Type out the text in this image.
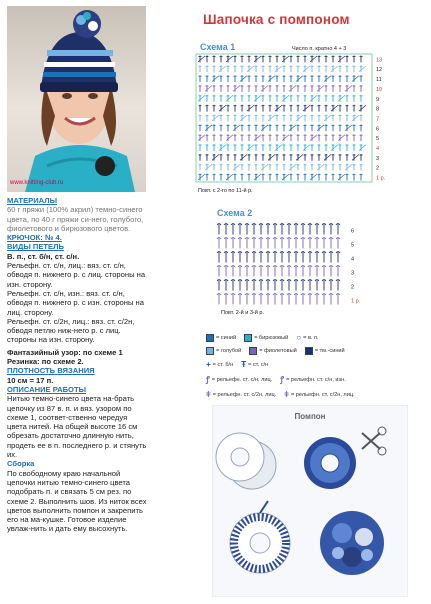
www.knitting-club.ru

МАТЕРИАЛЫ

60 г пряжи (100% акрил) темно-синего цвета, по 40 г пряжи си-него, голубого, фиолетового и бирюзового цветов.

КРЮЧОК: № 4.

ВИДЫ ПЕТЕЛЬ

В. п., ст. б/н, ст. с/н.

Рельефн. ст. с/н, лиц.: вяз. ст. с/н, обводя п. нижнего р. с лиц. стороны на изн. сторону.

Рельефн. ст. с/н, изн.: вяз. ст. с/н, обводя п. нижнего р. с изн. стороны на лиц. сторону.

Рельефн. ст. с/2н, лиц.: вяз. ст. с/2н, обводя петлю ниж-него р. с лиц. стороны на изн. сторону.

Фантазийный узор: по схеме 1

Резинка: по схеме 2.

ПЛОТНОСТЬ ВЯЗАНИЯ

10 см = 17 п.

ОПИСАНИЕ РАБОТЫ

Нитью темно-синего цвета на-брать цепочку из 87 в. п. и вяз. узором по схеме 1, соответ-ственно чередуя цвета нитей. На общей высоте 16 см обрезать достаточно длинную нить, продеть ее в п. последнего р. и стянуть их.

Сборка

По свободному краю начальной цепочки нитью темно-синего цвета подобрать п. и связать 5 см рез. по схеме 2. Выполнить шов. Из ниток всех цветов выполнить помпон и закрепить его на ма-кушке. Готовое изделие увлаж-нить и дать ему высохнуть.

Шапочка с помпоном
Схема 1	Число п. кратно 4 + 3
13
12
11
10
9
8
7
6
5
4
3
2
1 р.
Повт. с 2-го по 11-й р.
Схема 2
6
5
4
3
2
1 р.
Повт. 2-й и 3-й р.
= синий	= бирюзовый ○ = в. п.
= голубой	= фиолетовый	= тм.-синий
+ = ст. б/н Ŧ = ст. с/н
ꝭ = рельефн. ст. с/н, лиц. ꝭ = рельефн. ст. с/н, изн.
ǂ = рельефн. ст. с/2н, лиц. ǂ = рельефн. ст. с/2н, лиц.
Помпон
